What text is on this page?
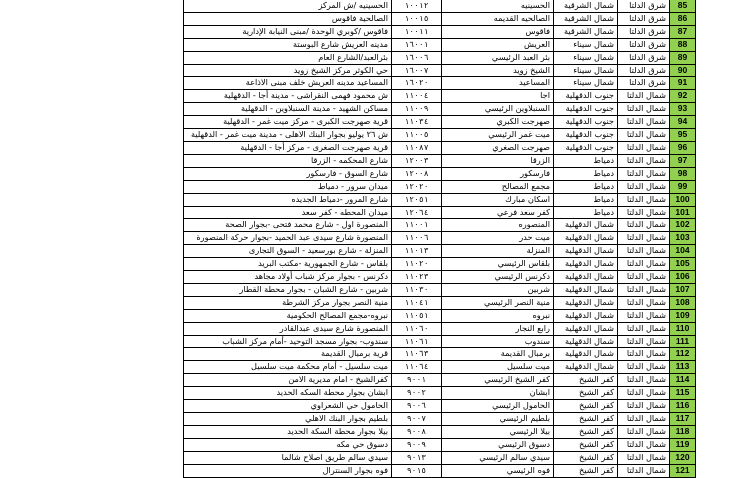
85	شرق الدلتا	شمال الشرقية	الحسينيه	١٠٠١٢	الحسينيه /ش المركز
86	شرق الدلتا	شمال الشرقية	الصالحيه القديمه	١٠٠١٥	الصالحية فاقوس
87	شرق الدلتا	شمال الشرقية	فاقوس	١٠٠١١	فاقوس /كوبري الوحدة /مبنى النيابة الإدارية
88	شرق الدلتا	شمال سيناء	العريش	١٦٠٠١	مدينه العريش شارع البوستة
89	شرق الدلتا	شمال سيناء	بئر العبد الرئيسي	١٦٠٠٦	بئرالعبد/الشارع العام
90	شرق الدلتا	شمال سيناء	الشيخ زويد	١٦٠٠٧	حي الكوثر مركز الشيخ زويد
91	شرق الدلتا	شمال سيناء	المساعيد	١٦٠٢٠	المساعيد مدينه العريش خلف مبنى الاذاعة
92	شمال الدلتا	جنوب الدقهلية	اجا	١١٠٠٤	ش محمود فهمى النقراشى - مدينة أجا - الدقهلية
93	شمال الدلتا	جنوب الدقهلية	السنبلاوين الرئيسي	١١٠٠٩	مساكن الشهيد - مدينة السنبلاوين - الدقهلية
94	شمال الدلتا	جنوب الدقهلية	صهرجت الكبري	١١٠٣٤	قرية صهرجت الكبرى - مركز ميت غمر - الدقهلية
95	شمال الدلتا	جنوب الدقهلية	ميت غمر الرئيسي	١١٠٠٥	ش ٢٦ يوليو بجوار البنك الاهلى - مدينة ميت غمر - الدقهلية
96	شمال الدلتا	جنوب الدقهلية	صهرجت الصغري	١١٠٨٧	قرية صهرجت الصغرى - مركز أجا - الدقهلية
97	شمال الدلتا	دمياط	الزرقا	١٢٠٠٣	شارع المحكمه - الزرقا
98	شمال الدلتا	دمياط	فارسكور	١٢٠٠٨	شارع السوق - فارسكور
99	شمال الدلتا	دمياط	مجمع المصالح	١٢٠٢٠	ميدان سرور - دمياط
100	شمال الدلتا	دمياط	اسكان مبارك	١٢٠٥١	شارع المرور -دمياط الجديده
101	شمال الدلتا	دمياط	كفر سعد فرعي	١٢٠٦٤	ميدان المحطه - كفر سعد
102	شمال الدلتا	شمال الدقهلية	المنصوره	١١٠٠١	المنصورة اول - شارع محمد فتحى -بجوار الصحة
103	شمال الدلتا	شمال الدقهلية	ميت حدر	١١٠٠٦	المنصورة شارع سيدى عبد الحميد -بجوار حركة المنصورة
104	شمال الدلتا	شمال الدقهلية	المنزلة	١١٠١٣	المنزلة - شارع بورسعيد - السوق التجارى
105	شمال الدلتا	شمال الدقهلية	بلقاس الرئيسي	١١٠٢٠	بلقاس - شارع الجمهورية -مكتب البريد
106	شمال الدلتا	شمال الدقهلية	دكرنس الرئيسي	١١٠٢٣	دكرنس - بجوار مركز شباب أولاد مجاهد
107	شمال الدلتا	شمال الدقهلية	شربين	١١٠٣٠	شربين - شارع الشبان - بجوار محطة القطار
108	شمال الدلتا	شمال الدقهلية	منية النصر الرئيسي	١١٠٤١	منية النصر بجوار مركز الشرطة
109	شمال الدلتا	شمال الدقهلية	نبروه	١١٠٥١	نبروه-مجمع المصالح الحكومية
110	شمال الدلتا	شمال الدقهلية	رابع النجار	١١٠٦٠	المنصورة شارع سيدى عبدالقادر
111	شمال الدلتا	شمال الدقهلية	سندوب	١١٠٦١	سندوب- بجوار مسجد التوحيد -أمام مركز الشباب
112	شمال الدلتا	شمال الدقهلية	برمبال القديمة	١١٠٦٣	قرية برمبال القديمة
113	شمال الدلتا	شمال الدقهلية	ميت سلسيل	١١٠٦٤	ميت سلسيل - أمام محكمة ميت سلسيل
114	شمال الدلتا	كفر الشيخ	كفر الشيخ الرئيسي	٩٠٠١	كفرالشيخ - امام مديرية الامن
115	شمال الدلتا	كفر الشيخ	ابشان	٩٠٠٢	ابشان بجوار محطة السكه الحديد
116	شمال الدلتا	كفر الشيخ	الحامول الرئيسي	٩٠٠٦	الحامول حي الشعراوي
117	شمال الدلتا	كفر الشيخ	بلطيم الرئيسي	٩٠٠٧	بلطيم بجوار البنك الاهلي
118	شمال الدلتا	كفر الشيخ	بيلا الرئيسي	٩٠٠٨	بيلا بجوار محطة السكة الحديد
119	شمال الدلتا	كفر الشيخ	دسوق الرئيسي	٩٠٠٩	دسوق حي مكه
120	شمال الدلتا	كفر الشيخ	سيدي سالم الرئيسي	٩٠١٣	سيدي سالم طريق اصلاح شالما
121	شمال الدلتا	كفر الشيخ	فوه الرئيسي	٩٠١٥	فوه بجوار السنترال
